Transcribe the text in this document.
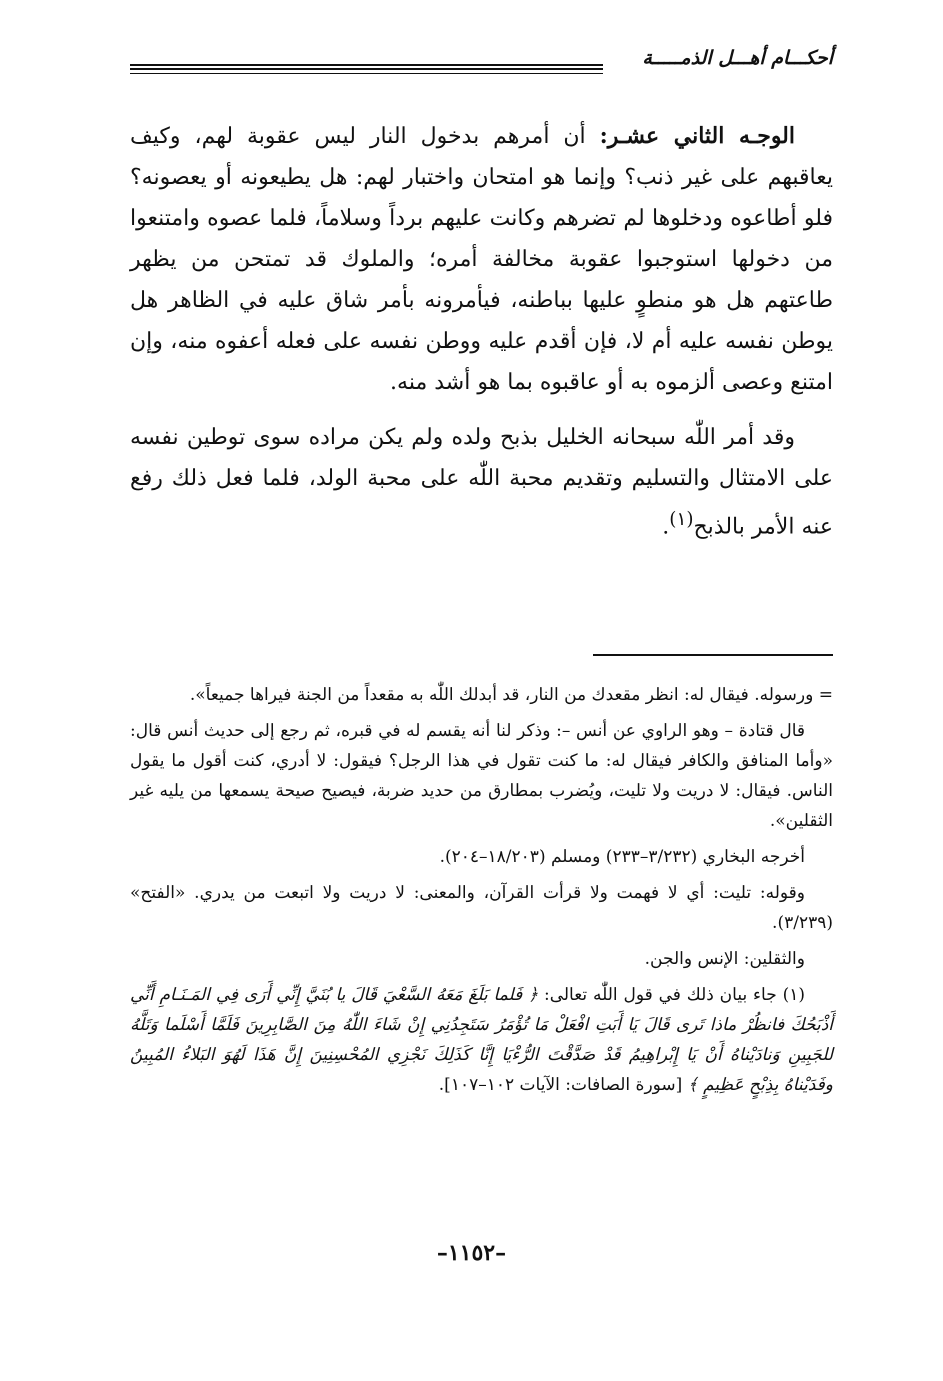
أحكـــام أهـــل الذمـــــة

الوجـه الثاني عشـر: أن أمرهم بدخول النار ليس عقوبة لهم، وكيف يعاقبهم على غير ذنب؟ وإنما هو امتحان واختبار لهم: هل يطيعونه أو يعصونه؟ فلو أطاعوه ودخلوها لم تضرهم وكانت عليهم برداً وسلاماً، فلما عصوه وامتنعوا من دخولها استوجبوا عقوبة مخالفة أمره؛ والملوك قد تمتحن من يظهر طاعتهم هل هو منطوٍ عليها بباطنه، فيأمرونه بأمر شاق عليه في الظاهر هل يوطن نفسه عليه أم لا، فإن أقدم عليه ووطن نفسه على فعله أعفوه منه، وإن امتنع وعصى ألزموه به أو عاقبوه بما هو أشد منه.

وقد أمر اللّٰه سبحانه الخليل بذبح ولده ولم يكن مراده سوى توطين نفسه على الامتثال والتسليم وتقديم محبة اللّٰه على محبة الولد، فلما فعل ذلك رفع عنه الأمر بالذبح$^{(١)}$.

= ورسوله. فيقال له: انظر مقعدك من النار، قد أبدلك اللّٰه به مقعداً من الجنة فيراها جميعاً».

قال قتادة – وهو الراوي عن أنس –: وذكر لنا أنه يقسم له في قبره، ثم رجع إلى حديث أنس قال: «وأما المنافق والكافر فيقال له: ما كنت تقول في هذا الرجل؟ فيقول: لا أدري، كنت أقول ما يقول الناس. فيقال: لا دريت ولا تليت، ويُضرب بمطارق من حديد ضربة، فيصيح صيحة يسمعها من يليه غير الثقلين».

أخرجه البخاري (٣/٢٣٢–٢٣٣) ومسلم (١٨/٢٠٣–٢٠٤).

وقوله: تليت: أي لا فهمت ولا قرأت القرآن، والمعنى: لا دريت ولا اتبعت من يدري. «الفتح» (٣/٢٣٩).

والثقلين: الإنس والجن.

(١) جاء بيان ذلك في قول اللّٰه تعالى: ﴿ فَلما بَلَغَ مَعَهُ السَّعْيَ قَالَ يا بُنَيَّ إِنِّي أَرَى فِي المَـنَـامِ أَنِّي أَذْبَحُكَ فانظُرْ ماذا تَرى قَالَ يَا أَبَتِ افْعَلْ مَا تُؤْمَرُ سَتَجِدُنِي إِنْ شَاءَ اللّٰهُ مِنَ الصَّابِرِينَ فَلَمَّا أَسْلَما وَتَلَّهُ للجَبِينِ وَنادَيْناهُ أَنْ يَا إِبْراهِيمُ قَدْ صَدَّقْتَ الرُّءْيَا إِنَّا كَذَلِكَ نَجْزِي المُحْسِنِينَ إِنَّ هَذَا لَهُوَ البَلاءُ المُبِينُ وفَدَيْناهُ بِذِبْحٍ عَظِيمٍ ﴾ [سورة الصافات: الآيات ١٠٢–١٠٧].

–١١٥٢–
